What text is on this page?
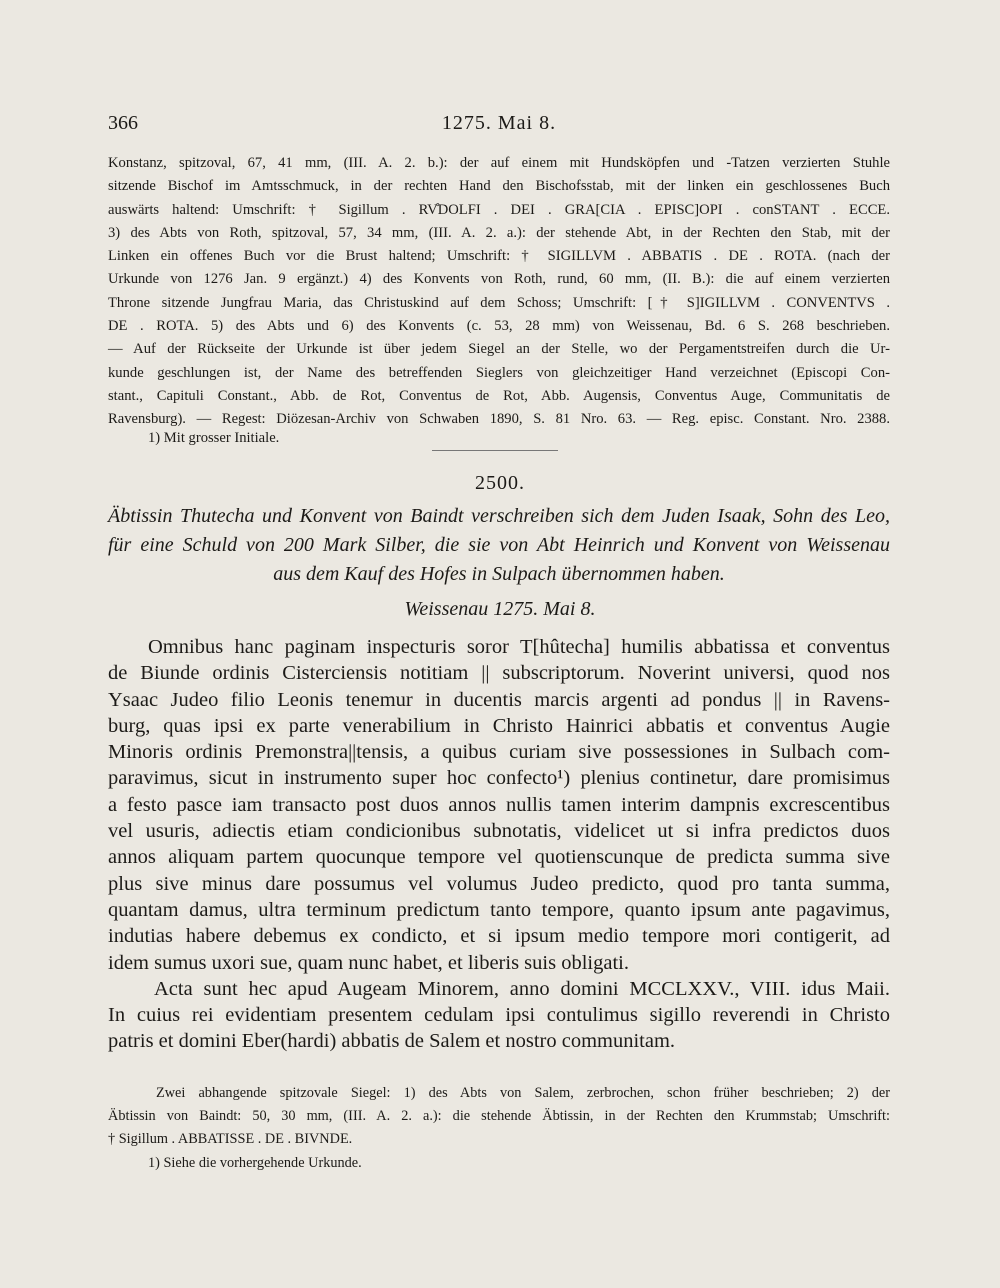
366	1275. Mai 8.
Konstanz, spitzoval, 67, 41 mm, (III. A. 2. b.): der auf einem mit Hundsköpfen und -Tatzen verzierten Stuhle
sitzende Bischof im Amtsschmuck, in der rechten Hand den Bischofsstab, mit der linken ein geschlossenes Buch
auswärts haltend: Umschrift: † Sigillum . RV̊DOLFI . DEI . GRA[CIA . EPISC]OPI . conSTANT . ECCE.
3) des Abts von Roth, spitzoval, 57, 34 mm, (III. A. 2. a.): der stehende Abt, in der Rechten den Stab, mit der
Linken ein offenes Buch vor die Brust haltend; Umschrift: † SIGILLVM . ABBATIS . DE . ROTA. (nach der
Urkunde von 1276 Jan. 9 ergänzt.) 4) des Konvents von Roth, rund, 60 mm, (II. B.): die auf einem verzierten
Throne sitzende Jungfrau Maria, das Christuskind auf dem Schoss; Umschrift: [† S]IGILLVM . CONVENTVS .
DE . ROTA. 5) des Abts und 6) des Konvents (c. 53, 28 mm) von Weissenau, Bd. 6 S. 268 beschrieben.
— Auf der Rückseite der Urkunde ist über jedem Siegel an der Stelle, wo der Pergamentstreifen durch die Ur-
kunde geschlungen ist, der Name des betreffenden Sieglers von gleichzeitiger Hand verzeichnet (Episcopi Con-
stant., Capituli Constant., Abb. de Rot, Conventus de Rot, Abb. Augensis, Conventus Auge, Communitatis de
Ravensburg). — Regest: Diözesan-Archiv von Schwaben 1890, S. 81 Nro. 63. — Reg. episc. Constant. Nro. 2388.
1) Mit grosser Initiale.
2500.
Äbtissin Thutecha und Konvent von Baindt verschreiben sich dem Juden Isaak, Sohn des Leo,
für eine Schuld von 200 Mark Silber, die sie von Abt Heinrich und Konvent von Weissenau
aus dem Kauf des Hofes in Sulpach übernommen haben.
Weissenau 1275. Mai 8.
Omnibus hanc paginam inspecturis soror T[hûtecha] humilis abbatissa et conventus
de Biunde ordinis Cisterciensis notitiam || subscriptorum. Noverint universi, quod nos
Ysaac Judeo filio Leonis tenemur in ducentis marcis argenti ad pondus || in Ravens-
burg, quas ipsi ex parte venerabilium in Christo Hainrici abbatis et conventus Augie
Minoris ordinis Premonstra||tensis, a quibus curiam sive possessiones in Sulbach com-
paravimus, sicut in instrumento super hoc confecto¹) plenius continetur, dare promisimus
a festo pasce iam transacto post duos annos nullis tamen interim dampnis excrescentibus
vel usuris, adiectis etiam condicionibus subnotatis, videlicet ut si infra predictos duos
annos aliquam partem quocunque tempore vel quotienscunque de predicta summa sive
plus sive minus dare possumus vel volumus Judeo predicto, quod pro tanta summa,
quantam damus, ultra terminum predictum tanto tempore, quanto ipsum ante pagavimus,
indutias habere debemus ex condicto, et si ipsum medio tempore mori contigerit, ad
idem sumus uxori sue, quam nunc habet, et liberis suis obligati.
Acta sunt hec apud Augeam Minorem, anno domini MCCLXXV., VIII. idus Maii.
In cuius rei evidentiam presentem cedulam ipsi contulimus sigillo reverendi in Christo
patris et domini Eber(hardi) abbatis de Salem et nostro communitam.
Zwei abhangende spitzovale Siegel: 1) des Abts von Salem, zerbrochen, schon früher beschrieben; 2) der
Äbtissin von Baindt: 50, 30 mm, (III. A. 2. a.): die stehende Äbtissin, in der Rechten den Krummstab; Umschrift:
† Sigillum . ABBATISSE . DE . BIVNDE.
1) Siehe die vorhergehende Urkunde.
